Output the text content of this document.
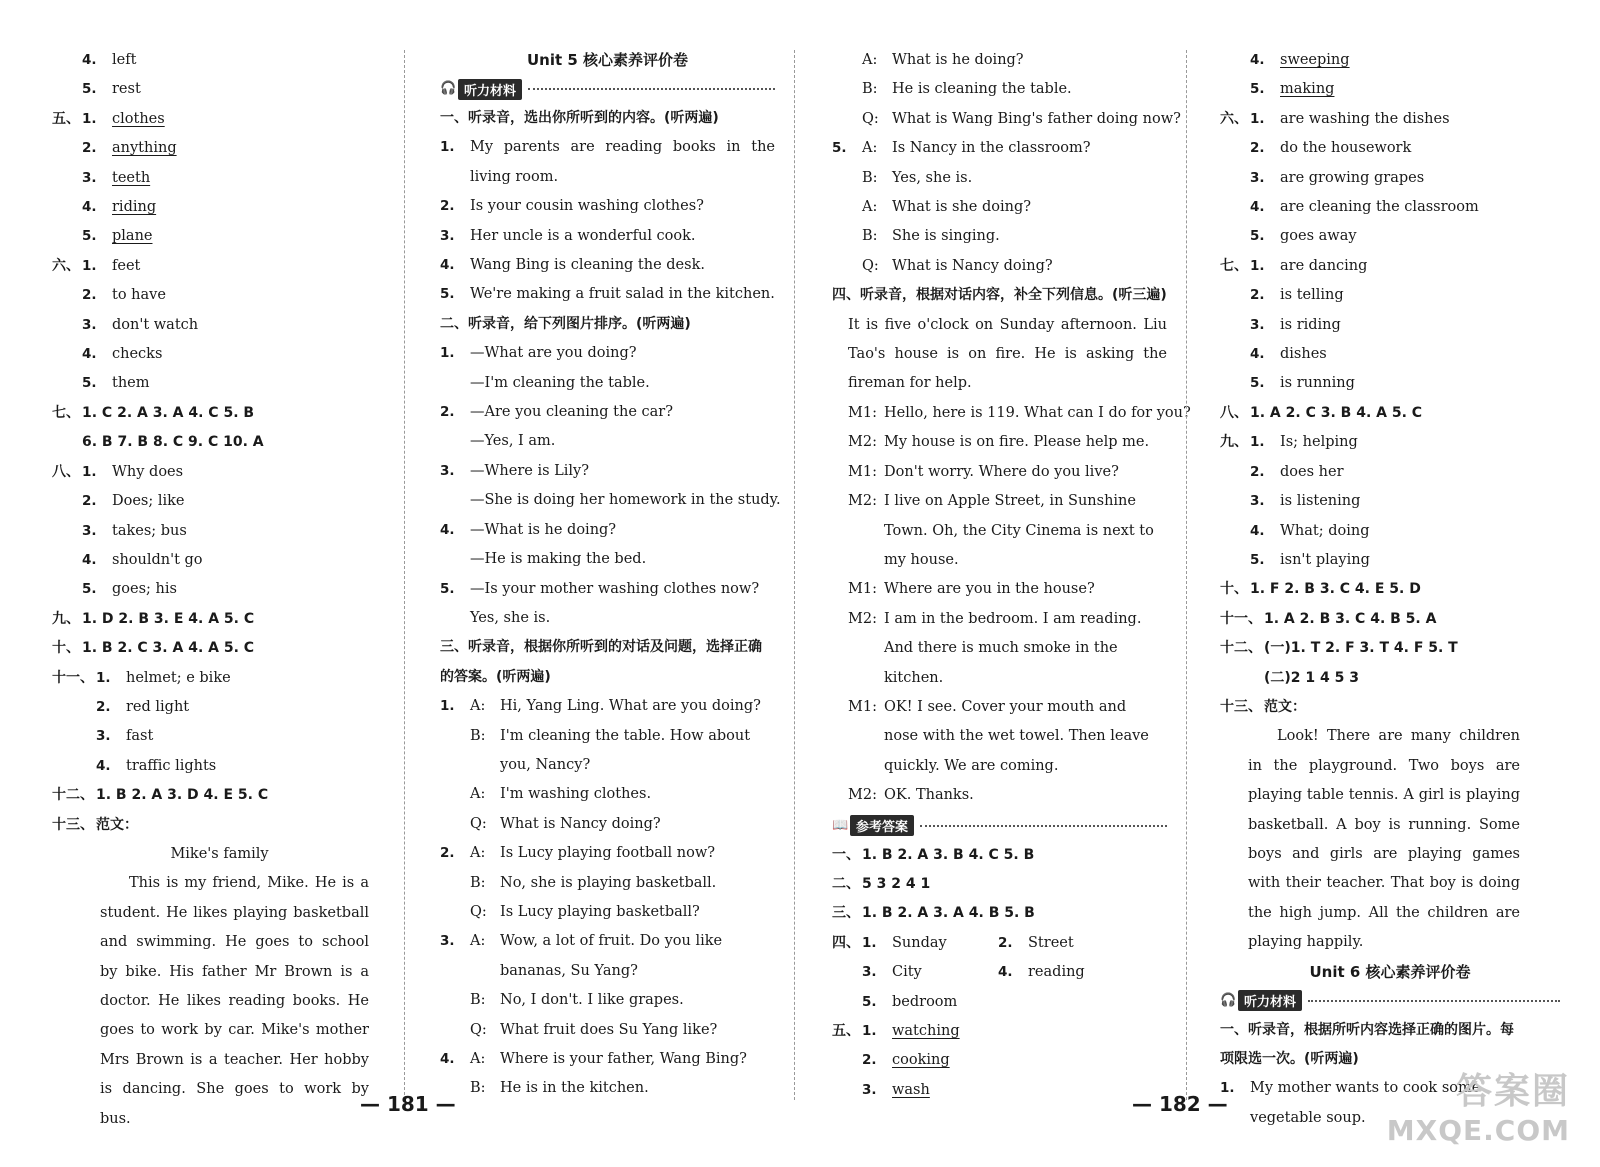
4.	left
5.	rest
五、 1.	clothes
2.	anything
3.	teeth
4.	riding
5.	plane
六、 1.	feet
2.	to have
3.	don't watch
4.	checks
5.	them
七、 1. C 2. A 3. A 4. C 5. B
6. B 7. B 8. C 9. C 10. A
八、 1.	Why does
2.	Does; like
3.	takes; bus
4.	shouldn't go
5.	goes; his
九、 1. D 2. B 3. E 4. A 5. C
十、 1. B 2. C 3. A 4. A 5. C
十一、 1.	helmet; e bike
2.	red light
3.	fast
4.	traffic lights
十二、 1. B 2. A 3. D 4. E 5. C
十三、 范文：
Mike's family
This is my friend, Mike. He is a student. He likes playing basketball and swimming. He goes to school by bike. His father Mr Brown is a doctor. He likes reading books. He goes to work by car. Mike's mother Mrs Brown is a teacher. Her hobby is dancing. She goes to work by bus.
Unit 5 核心素养评价卷
🎧 听力材料
一、听录音，选出你所听到的内容。(听两遍)
1.	My parents are reading books in the living room.
2.	Is your cousin washing clothes?
3.	Her uncle is a wonderful cook.
4.	Wang Bing is cleaning the desk.
5.	We're making a fruit salad in the kitchen.
二、听录音，给下列图片排序。(听两遍)
1.	—What are you doing?
—I'm cleaning the table.
2.	—Are you cleaning the car?
—Yes, I am.
3.	—Where is Lily?
—She is doing her homework in the study.
4.	—What is he doing?
—He is making the bed.
5.	—Is your mother washing clothes now?
Yes, she is.
三、听录音，根据你所听到的对话及问题，选择正确的答案。(听两遍)
1.	A:	Hi, Yang Ling. What are you doing?
B: I'm cleaning the table. How about you, Nancy?
A:	I'm washing clothes.
Q: What is Nancy doing?
2.	A:	Is Lucy playing football now?
B: No, she is playing basketball.
Q: Is Lucy playing basketball?
3.	A:	Wow, a lot of fruit. Do you like bananas, Su Yang?
B: No, I don't. I like grapes.
Q: What fruit does Su Yang like?
4.	A:	Where is your father, Wang Bing?
B: He is in the kitchen.
A:	What is he doing?
B: He is cleaning the table.
Q: What is Wang Bing's father doing now?
5.	A:	Is Nancy in the classroom?
B: Yes, she is.
A:	What is she doing?
B: She is singing.
Q: What is Nancy doing?
四、听录音，根据对话内容，补全下列信息。(听三遍)
It is five o'clock on Sunday afternoon. Liu Tao's house is on fire. He is asking the fireman for help.
M1: Hello, here is 119. What can I do for you?
M2: My house is on fire. Please help me.
M1: Don't worry. Where do you live?
M2: I live on Apple Street, in Sunshine Town. Oh, the City Cinema is next to my house.
M1: Where are you in the house?
M2: I am in the bedroom. I am reading. And there is much smoke in the kitchen.
M1: OK! I see. Cover your mouth and nose with the wet towel. Then leave quickly. We are coming.
M2: OK. Thanks.
📖 参考答案
一、 1. B 2. A 3. B 4. C 5. B
二、 5 3 2 4 1
三、 1. B 2. A 3. A 4. B 5. B
四、 1.	Sunday	2.	Street
3.	City	4.	reading
5.	bedroom
五、 1.	watching
2.	cooking
3.	wash
4.	sweeping
5.	making
六、 1.	are washing the dishes
2.	do the housework
3.	are growing grapes
4.	are cleaning the classroom
5.	goes away
七、 1.	are dancing
2.	is telling
3.	is riding
4.	dishes
5.	is running
八、 1. A 2. C 3. B 4. A 5. C
九、 1.	Is; helping
2.	does her
3.	is listening
4.	What; doing
5.	isn't playing
十、 1. F 2. B 3. C 4. E 5. D
十一、 1. A 2. B 3. C 4. B 5. A
十二、 (一)1. T 2. F 3. T 4. F 5. T
(二)2 1 4 5 3
十三、 范文：
Look! There are many children in the playground. Two boys are playing table tennis. A girl is playing basketball. A boy is running. Some boys and girls are playing games with their teacher. That boy is doing the high jump. All the children are playing happily.
Unit 6 核心素养评价卷
🎧 听力材料
一、听录音，根据所听内容选择正确的图片。每项限选一次。(听两遍)
1.	My mother wants to cook some vegetable soup.
— 181 —	— 182 —	答案圈
MXQE.COM
